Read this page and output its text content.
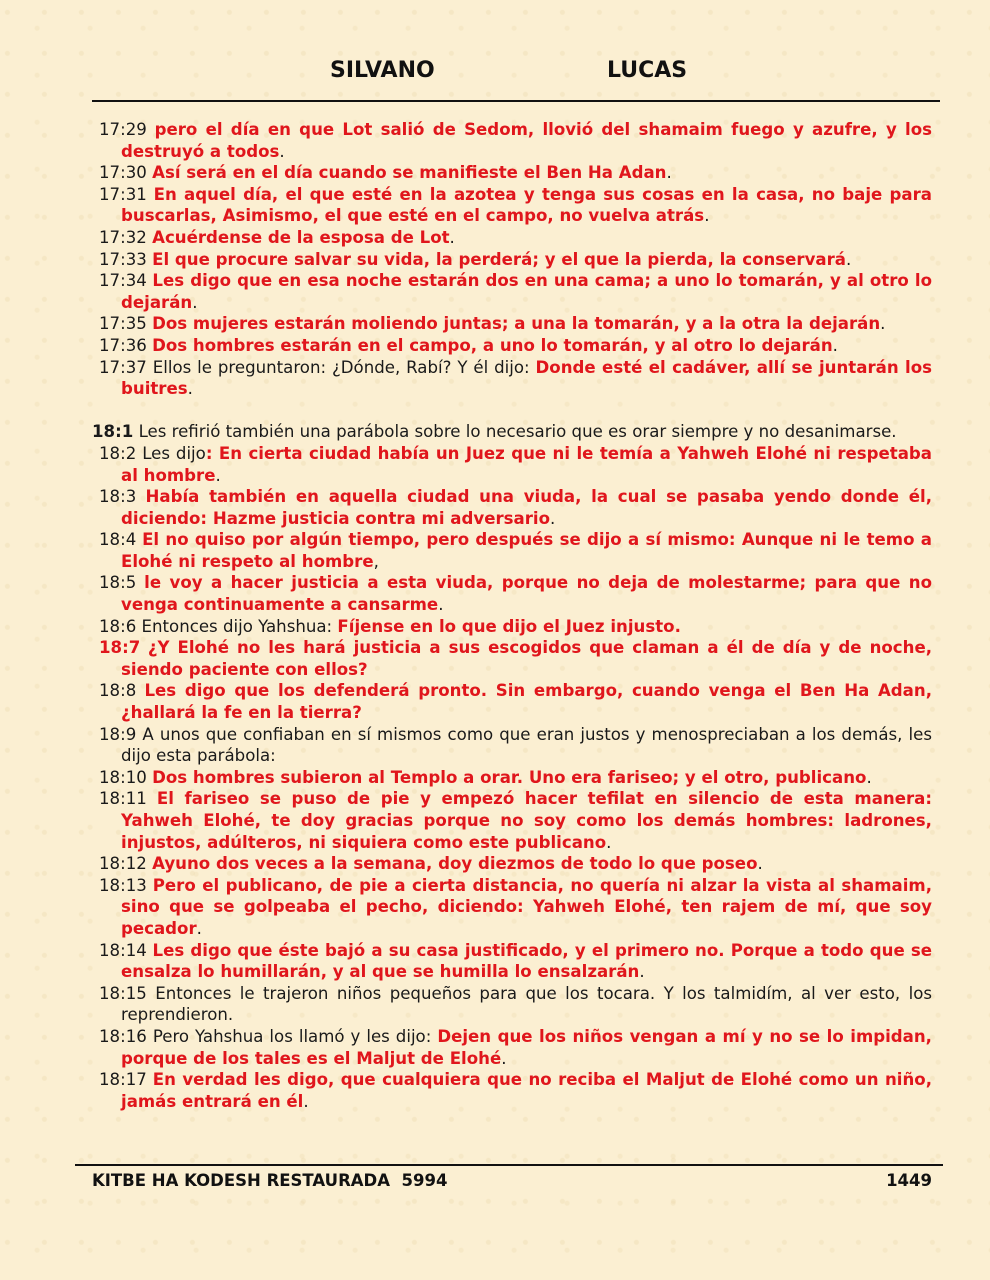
SILVANO	LUCAS

17:29 pero el día en que Lot salió de Sedom, llovió del shamaim fuego y azufre, y los destruyó a todos.

17:30 Así será en el día cuando se manifieste el Ben Ha Adan.

17:31 En aquel día, el que esté en la azotea y tenga sus cosas en la casa, no baje para buscarlas, Asimismo, el que esté en el campo, no vuelva atrás.

17:32 Acuérdense de la esposa de Lot.

17:33 El que procure salvar su vida, la perderá; y el que la pierda, la conservará.

17:34 Les digo que en esa noche estarán dos en una cama; a uno lo tomarán, y al otro lo dejarán.

17:35 Dos mujeres estarán moliendo juntas; a una la tomarán, y a la otra la dejarán.

17:36 Dos hombres estarán en el campo, a uno lo tomarán, y al otro lo dejarán.

17:37 Ellos le preguntaron: ¿Dónde, Rabí? Y él dijo: Donde esté el cadáver, allí se juntarán los buitres.

18:1 Les refirió también una parábola sobre lo necesario que es orar siempre y no desanimarse.

18:2 Les dijo: En cierta ciudad había un Juez que ni le temía a Yahweh Elohé ni respetaba al hombre.

18:3 Había también en aquella ciudad una viuda, la cual se pasaba yendo donde él, diciendo: Hazme justicia contra mi adversario.

18:4 El no quiso por algún tiempo, pero después se dijo a sí mismo: Aunque ni le temo a Elohé ni respeto al hombre,

18:5 le voy a hacer justicia a esta viuda, porque no deja de molestarme; para que no venga continuamente a cansarme.

18:6 Entonces dijo Yahshua: Fíjense en lo que dijo el Juez injusto.

18:7 ¿Y Elohé no les hará justicia a sus escogidos que claman a él de día y de noche, siendo paciente con ellos?

18:8 Les digo que los defenderá pronto. Sin embargo, cuando venga el Ben Ha Adan, ¿hallará la fe en la tierra?

18:9 A unos que confiaban en sí mismos como que eran justos y menospreciaban a los demás, les dijo esta parábola:

18:10 Dos hombres subieron al Templo a orar. Uno era fariseo; y el otro, publicano.

18:11 El fariseo se puso de pie y empezó hacer tefilat en silencio de esta manera: Yahweh Elohé, te doy gracias porque no soy como los demás hombres: ladrones, injustos, adúlteros, ni siquiera como este publicano.

18:12 Ayuno dos veces a la semana, doy diezmos de todo lo que poseo.

18:13 Pero el publicano, de pie a cierta distancia, no quería ni alzar la vista al shamaim, sino que se golpeaba el pecho, diciendo: Yahweh Elohé, ten rajem de mí, que soy pecador.

18:14 Les digo que éste bajó a su casa justificado, y el primero no. Porque a todo que se ensalza lo humillarán, y al que se humilla lo ensalzarán.

18:15 Entonces le trajeron niños pequeños para que los tocara. Y los talmidím, al ver esto, los reprendieron.

18:16 Pero Yahshua los llamó y les dijo: Dejen que los niños vengan a mí y no se lo impidan, porque de los tales es el Maljut de Elohé.

18:17 En verdad les digo, que cualquiera que no reciba el Maljut de Elohé como un niño, jamás entrará en él.

KITBE HA KODESH RESTAURADA  5994	1449
